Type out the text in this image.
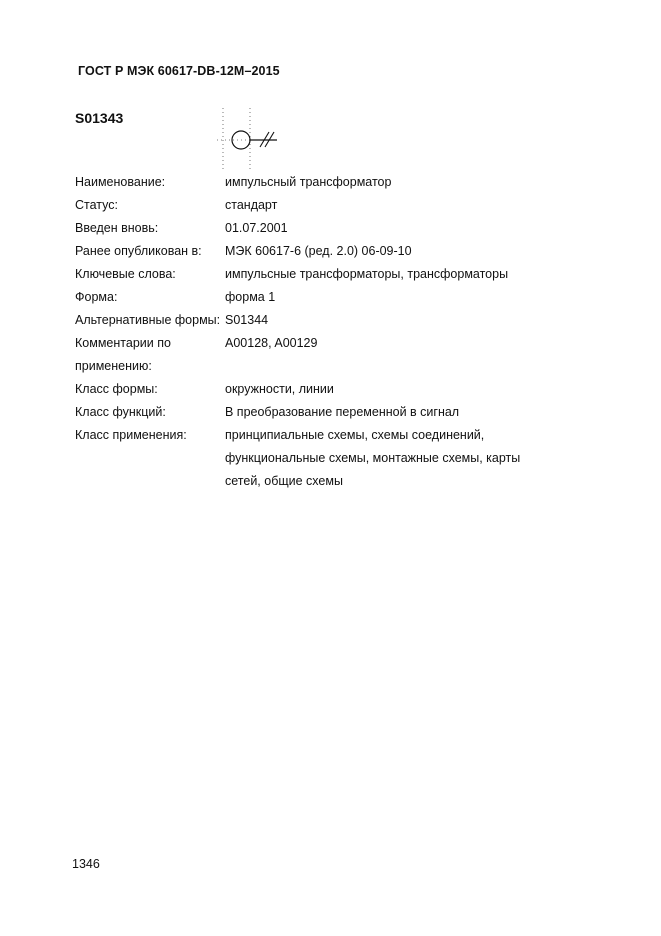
ГОСТ Р МЭК 60617-DB-12M–2015
S01343
Наименование:	импульсный трансформатор
Статус:	стандарт
Введен вновь:	01.07.2001
Ранее опубликован в:	МЭК 60617-6 (ред. 2.0) 06-09-10
Ключевые слова:	импульсные трансформаторы, трансформаторы
Форма:	форма 1
Альтернативные формы: S01344
Комментарии по применению:
A00128, A00129
Класс формы:	окружности, линии
Класс функций:	B преобразование переменной в сигнал
Класс применения:	принципиальные схемы, схемы соединений, функциональные схемы, монтажные схемы, карты сетей, общие схемы
1346
